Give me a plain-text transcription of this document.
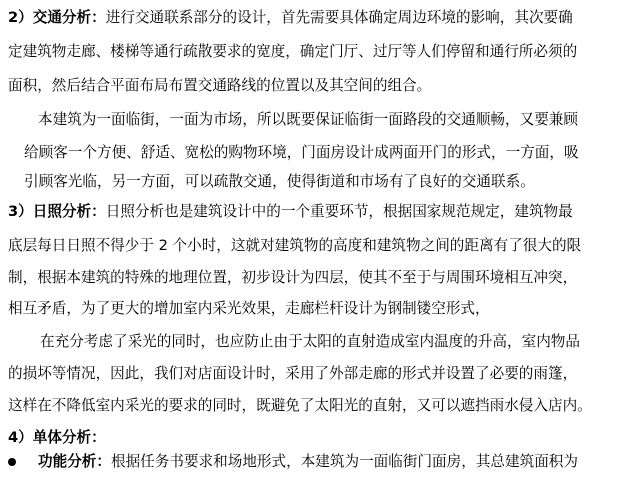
2）交通分析：进行交通联系部分的设计，首先需要具体确定周边环境的影响，其次要确
定建筑物走廊、楼梯等通行疏散要求的宽度，确定门厅、过厅等人们停留和通行所必须的
面积，然后结合平面布局布置交通路线的位置以及其空间的组合。
本建筑为一面临街，一面为市场，所以既要保证临街一面路段的交通顺畅，又要兼顾
给顾客一个方便、舒适、宽松的购物环境，门面房设计成两面开门的形式，一方面，吸
引顾客光临，另一方面，可以疏散交通，使得街道和市场有了良好的交通联系。
3）日照分析：日照分析也是建筑设计中的一个重要环节，根据国家规范规定，建筑物最
底层每日日照不得少于 2 个小时，这就对建筑物的高度和建筑物之间的距离有了很大的限
制，根据本建筑的特殊的地理位置，初步设计为四层，使其不至于与周围环境相互冲突，
相互矛盾，为了更大的增加室内采光效果，走廊栏杆设计为钢制镂空形式，
在充分考虑了采光的同时，也应防止由于太阳的直射造成室内温度的升高，室内物品
的损坏等情况，因此，我们对店面设计时，采用了外部走廊的形式并设置了必要的雨篷，
这样在不降低室内采光的要求的同时，既避免了太阳光的直射，又可以遮挡雨水侵入店内。
4）单体分析：
功能分析：根据任务书要求和场地形式，本建筑为一面临街门面房，其总建筑面积为
